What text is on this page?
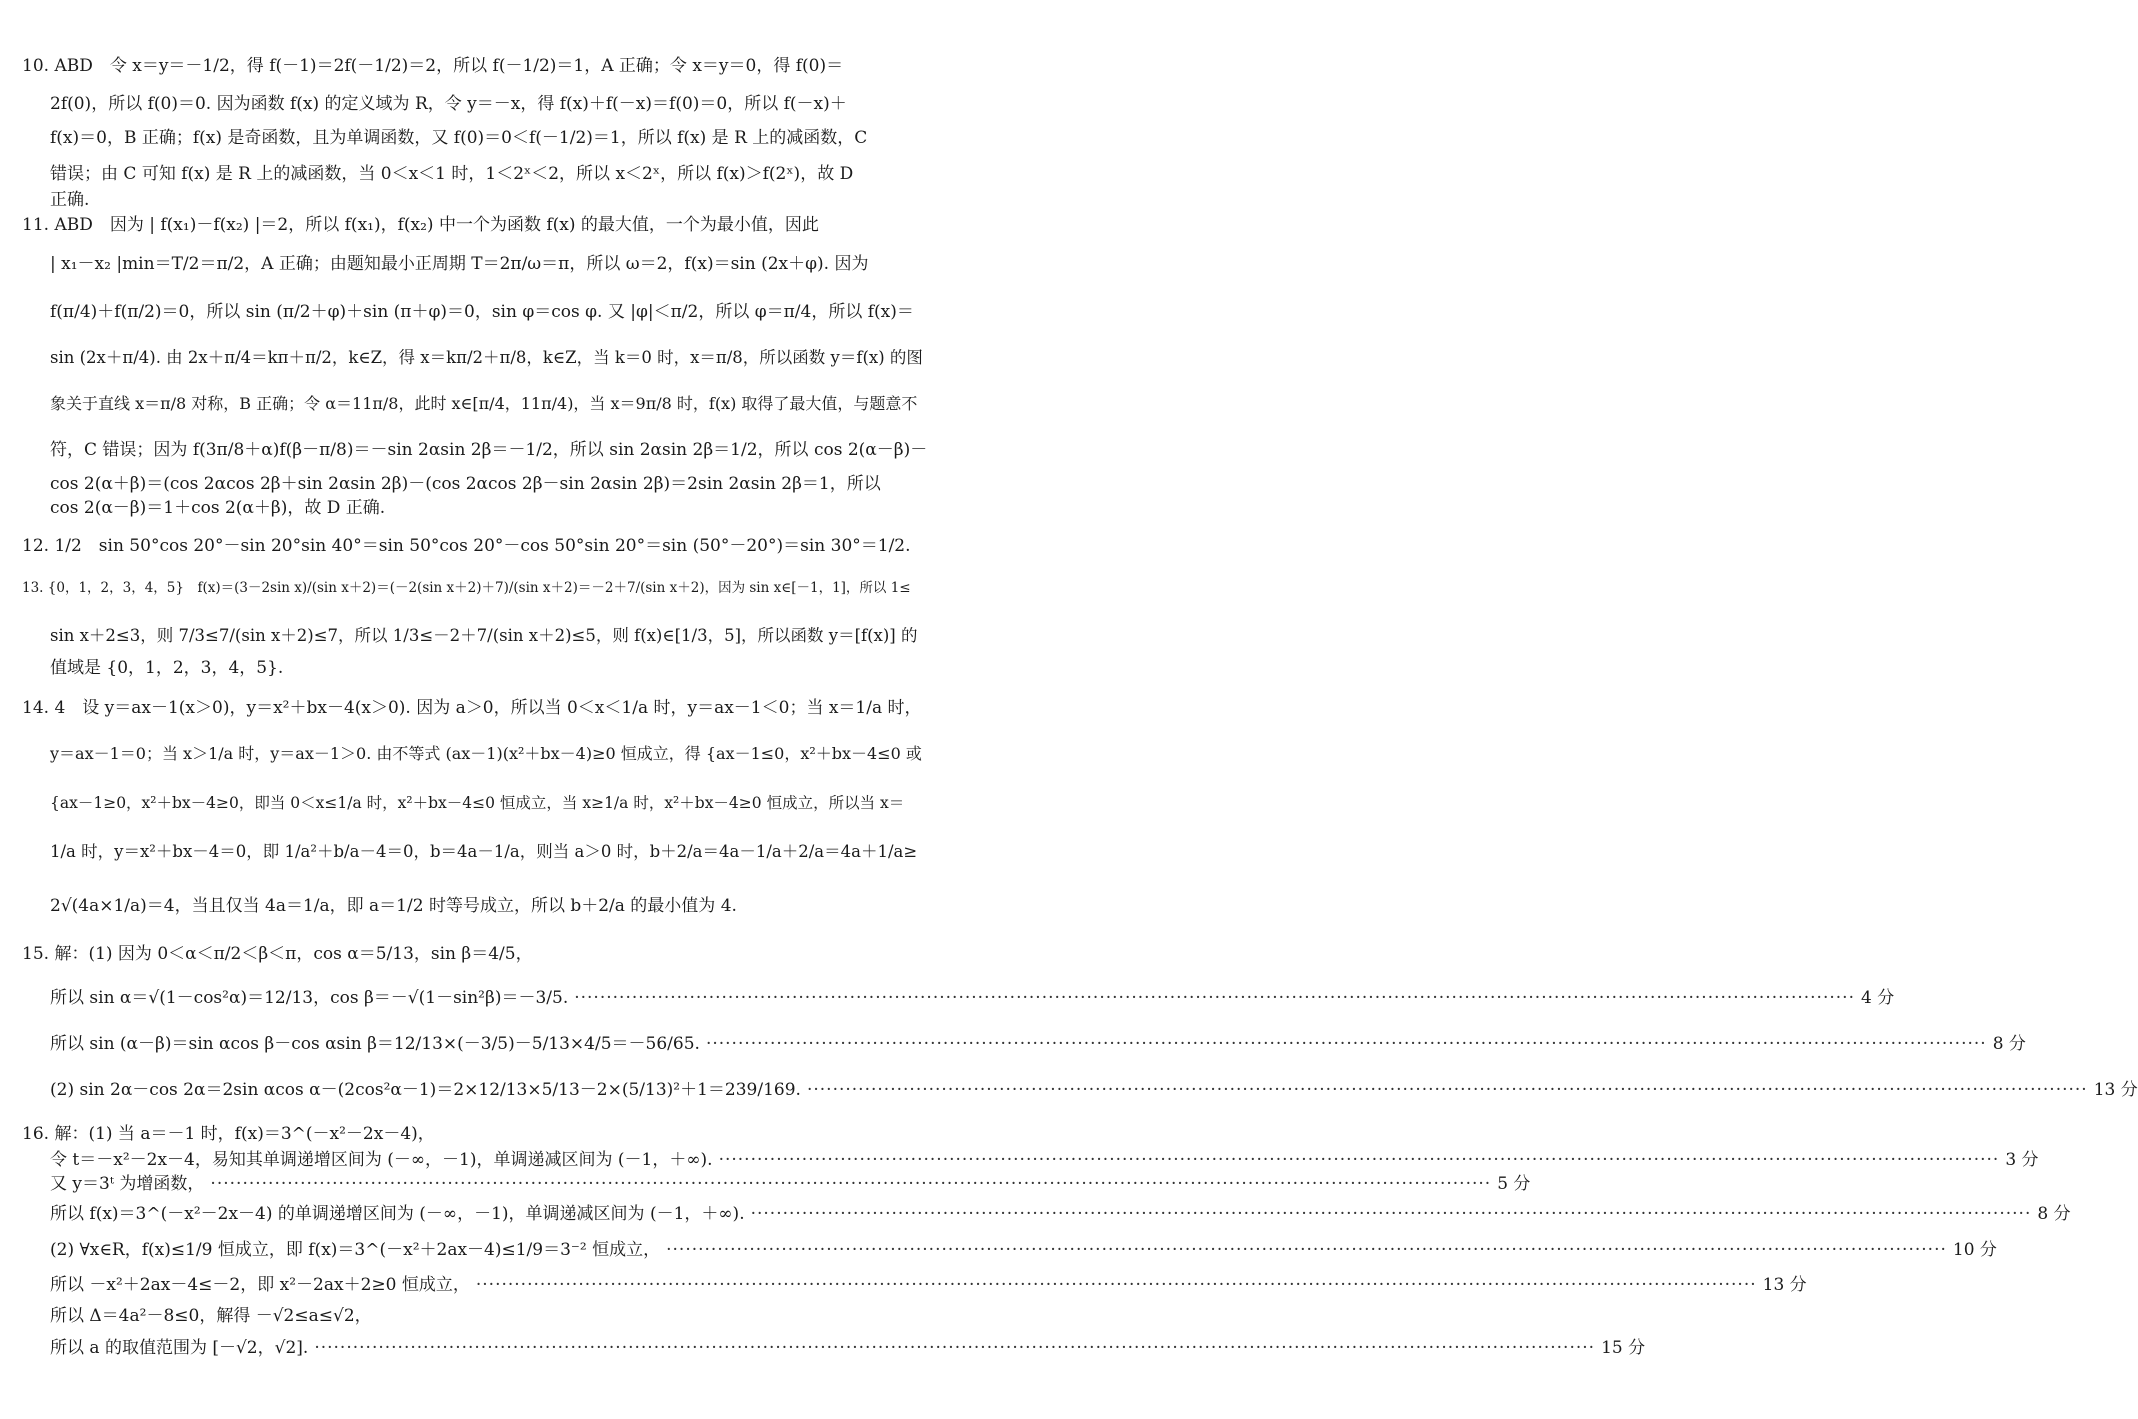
10. ABD　令 x＝y＝－1/2，得 f(－1)＝2f(－1/2)＝2，所以 f(－1/2)＝1，A 正确；令 x＝y＝0，得 f(0)＝
2f(0)，所以 f(0)＝0. 因为函数 f(x) 的定义域为 R，令 y＝－x，得 f(x)＋f(－x)＝f(0)＝0，所以 f(－x)＋
f(x)＝0，B 正确；f(x) 是奇函数，且为单调函数，又 f(0)＝0＜f(－1/2)＝1，所以 f(x) 是 R 上的减函数，C
错误；由 C 可知 f(x) 是 R 上的减函数，当 0＜x＜1 时，1＜2ˣ＜2，所以 x＜2ˣ，所以 f(x)＞f(2ˣ)，故 D
正确.
11. ABD　因为 | f(x₁)－f(x₂) |＝2，所以 f(x₁)，f(x₂) 中一个为函数 f(x) 的最大值，一个为最小值，因此
| x₁－x₂ |min＝T/2＝π/2，A 正确；由题知最小正周期 T＝2π/ω＝π，所以 ω＝2，f(x)＝sin (2x＋φ). 因为
f(π/4)＋f(π/2)＝0，所以 sin (π/2＋φ)＋sin (π＋φ)＝0，sin φ＝cos φ. 又 |φ|＜π/2，所以 φ＝π/4，所以 f(x)＝
sin (2x＋π/4). 由 2x＋π/4＝kπ＋π/2，k∈Z，得 x＝kπ/2＋π/8，k∈Z，当 k＝0 时，x＝π/8，所以函数 y＝f(x) 的图
象关于直线 x＝π/8 对称，B 正确；令 α＝11π/8，此时 x∈[π/4，11π/4)，当 x＝9π/8 时，f(x) 取得了最大值，与题意不
符，C 错误；因为 f(3π/8＋α)f(β－π/8)＝－sin 2αsin 2β＝－1/2，所以 sin 2αsin 2β＝1/2，所以 cos 2(α－β)－
cos 2(α＋β)＝(cos 2αcos 2β＋sin 2αsin 2β)－(cos 2αcos 2β－sin 2αsin 2β)＝2sin 2αsin 2β＝1，所以
cos 2(α－β)＝1＋cos 2(α＋β)，故 D 正确.
12. 1/2　sin 50°cos 20°－sin 20°sin 40°＝sin 50°cos 20°－cos 50°sin 20°＝sin (50°－20°)＝sin 30°＝1/2.
13. {0，1，2，3，4，5}　f(x)＝(3－2sin x)/(sin x＋2)＝(－2(sin x＋2)＋7)/(sin x＋2)＝－2＋7/(sin x＋2)，因为 sin x∈[－1，1]，所以 1≤
sin x＋2≤3，则 7/3≤7/(sin x＋2)≤7，所以 1/3≤－2＋7/(sin x＋2)≤5，则 f(x)∈[1/3，5]，所以函数 y＝[f(x)] 的
值域是 {0，1，2，3，4，5}.
14. 4　设 y＝ax－1(x＞0)，y＝x²＋bx－4(x＞0). 因为 a＞0，所以当 0＜x＜1/a 时，y＝ax－1＜0；当 x＝1/a 时，
y＝ax－1＝0；当 x＞1/a 时，y＝ax－1＞0. 由不等式 (ax－1)(x²＋bx－4)≥0 恒成立，得 {ax－1≤0，x²＋bx－4≤0 或
{ax－1≥0，x²＋bx－4≥0，即当 0＜x≤1/a 时，x²＋bx－4≤0 恒成立，当 x≥1/a 时，x²＋bx－4≥0 恒成立，所以当 x＝
1/a 时，y＝x²＋bx－4＝0，即 1/a²＋b/a－4＝0，b＝4a－1/a，则当 a＞0 时，b＋2/a＝4a－1/a＋2/a＝4a＋1/a≥
2√(4a×1/a)＝4，当且仅当 4a＝1/a，即 a＝1/2 时等号成立，所以 b＋2/a 的最小值为 4.
15. 解：(1) 因为 0＜α＜π/2＜β＜π，cos α＝5/13，sin β＝4/5，
所以 sin α＝√(1－cos²α)＝12/13，cos β＝－√(1－sin²β)＝－3/5. ········································································································································································································ 4 分
所以 sin (α－β)＝sin αcos β－cos αsin β＝12/13×(－3/5)－5/13×4/5＝－56/65. ········································································································································································································ 8 分
(2) sin 2α－cos 2α＝2sin αcos α－(2cos²α－1)＝2×12/13×5/13－2×(5/13)²＋1＝239/169. ········································································································································································································ 13 分
16. 解：(1) 当 a＝－1 时，f(x)＝3^(－x²－2x－4)，
令 t＝－x²－2x－4，易知其单调递增区间为 (－∞，－1)，单调递减区间为 (－1，＋∞). ········································································································································································································ 3 分
又 y＝3ᵗ 为增函数， ········································································································································································································ 5 分
所以 f(x)＝3^(－x²－2x－4) 的单调递增区间为 (－∞，－1)，单调递减区间为 (－1，＋∞). ········································································································································································································ 8 分
(2) ∀x∈R，f(x)≤1/9 恒成立，即 f(x)＝3^(－x²＋2ax－4)≤1/9＝3⁻² 恒成立， ········································································································································································································ 10 分
所以 －x²＋2ax－4≤－2，即 x²－2ax＋2≥0 恒成立， ········································································································································································································ 13 分
所以 Δ＝4a²－8≤0，解得 －√2≤a≤√2，
所以 a 的取值范围为 [－√2，√2]. ········································································································································································································ 15 分
